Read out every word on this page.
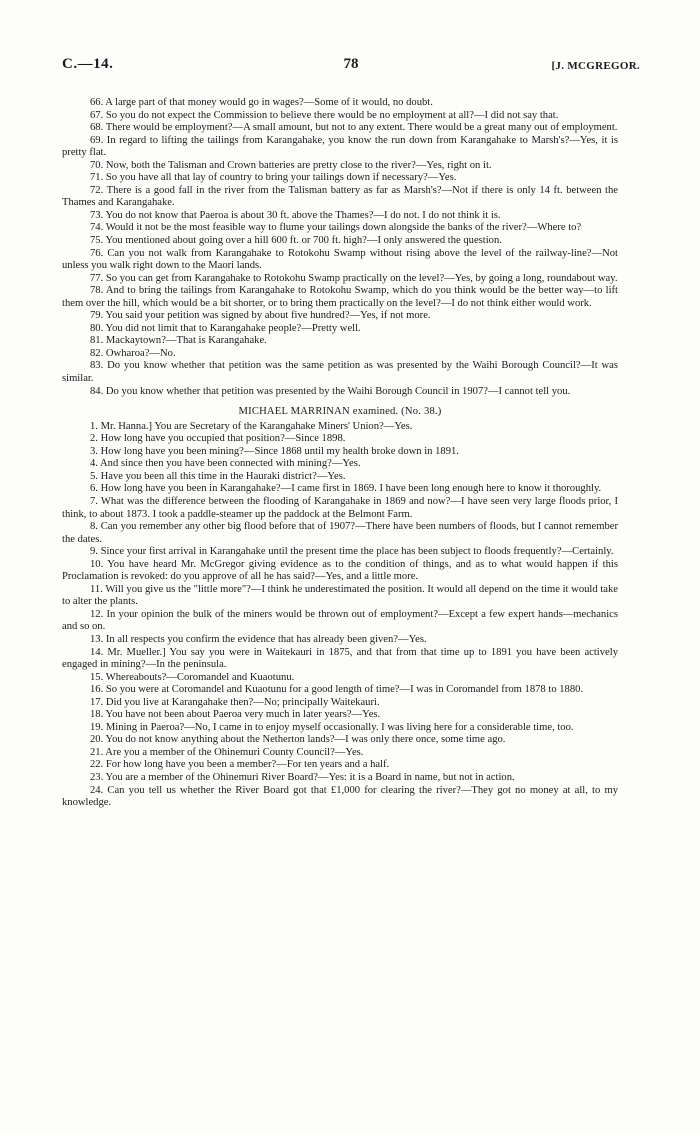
C.—14.	78	[J. MCGREGOR.

66. A large part of that money would go in wages?—Some of it would, no doubt.

67. So you do not expect the Commission to believe there would be no employment at all?—I did not say that.

68. There would be employment?—A small amount, but not to any extent. There would be a great many out of employment.

69. In regard to lifting the tailings from Karangahake, you know the run down from Karangahake to Marsh's?—Yes, it is pretty flat.

70. Now, both the Talisman and Crown batteries are pretty close to the river?—Yes, right on it.

71. So you have all that lay of country to bring your tailings down if necessary?—Yes.

72. There is a good fall in the river from the Talisman battery as far as Marsh's?—Not if there is only 14 ft. between the Thames and Karangahake.

73. You do not know that Paeroa is about 30 ft. above the Thames?—I do not. I do not think it is.

74. Would it not be the most feasible way to flume your tailings down alongside the banks of the river?—Where to?

75. You mentioned about going over a hill 600 ft. or 700 ft. high?—I only answered the question.

76. Can you not walk from Karangahake to Rotokohu Swamp without rising above the level of the railway-line?—Not unless you walk right down to the Maori lands.

77. So you can get from Karangahake to Rotokohu Swamp practically on the level?—Yes, by going a long, roundabout way.

78. And to bring the tailings from Karangahake to Rotokohu Swamp, which do you think would be the better way—to lift them over the hill, which would be a bit shorter, or to bring them practically on the level?—I do not think either would work.

79. You said your petition was signed by about five hundred?—Yes, if not more.

80. You did not limit that to Karangahake people?—Pretty well.

81. Mackaytown?—That is Karangahake.

82. Owharoa?—No.

83. Do you know whether that petition was the same petition as was presented by the Waihi Borough Council?—It was similar.

84. Do you know whether that petition was presented by the Waihi Borough Council in 1907?—I cannot tell you.

MICHAEL MARRINAN examined. (No. 38.)

1. Mr. Hanna.] You are Secretary of the Karangahake Miners' Union?—Yes.

2. How long have you occupied that position?—Since 1898.

3. How long have you been mining?—Since 1868 until my health broke down in 1891.

4. And since then you have been connected with mining?—Yes.

5. Have you been all this time in the Hauraki district?—Yes.

6. How long have you been in Karangahake?—I came first in 1869. I have been long enough here to know it thoroughly.

7. What was the difference between the flooding of Karangahake in 1869 and now?—I have seen very large floods prior, I think, to about 1873. I took a paddle-steamer up the paddock at the Belmont Farm.

8. Can you remember any other big flood before that of 1907?—There have been numbers of floods, but I cannot remember the dates.

9. Since your first arrival in Karangahake until the present time the place has been subject to floods frequently?—Certainly.

10. You have heard Mr. McGregor giving evidence as to the condition of things, and as to what would happen if this Proclamation is revoked: do you approve of all he has said?—Yes, and a little more.

11. Will you give us the "little more"?—I think he underestimated the position. It would all depend on the time it would take to alter the plants.

12. In your opinion the bulk of the miners would be thrown out of employment?—Except a few expert hands—mechanics and so on.

13. In all respects you confirm the evidence that has already been given?—Yes.

14. Mr. Mueller.] You say you were in Waitekauri in 1875, and that from that time up to 1891 you have been actively engaged in mining?—In the peninsula.

15. Whereabouts?—Coromandel and Kuaotunu.

16. So you were at Coromandel and Kuaotunu for a good length of time?—I was in Coromandel from 1878 to 1880.

17. Did you live at Karangahake then?—No; principally Waitekauri.

18. You have not been about Paeroa very much in later years?—Yes.

19. Mining in Paeroa?—No, I came in to enjoy myself occasionally. I was living here for a considerable time, too.

20. You do not know anything about the Netherton lands?—I was only there once, some time ago.

21. Are you a member of the Ohinemuri County Council?—Yes.

22. For how long have you been a member?—For ten years and a half.

23. You are a member of the Ohinemuri River Board?—Yes: it is a Board in name, but not in action.

24. Can you tell us whether the River Board got that £1,000 for clearing the river?—They got no money at all, to my knowledge.
